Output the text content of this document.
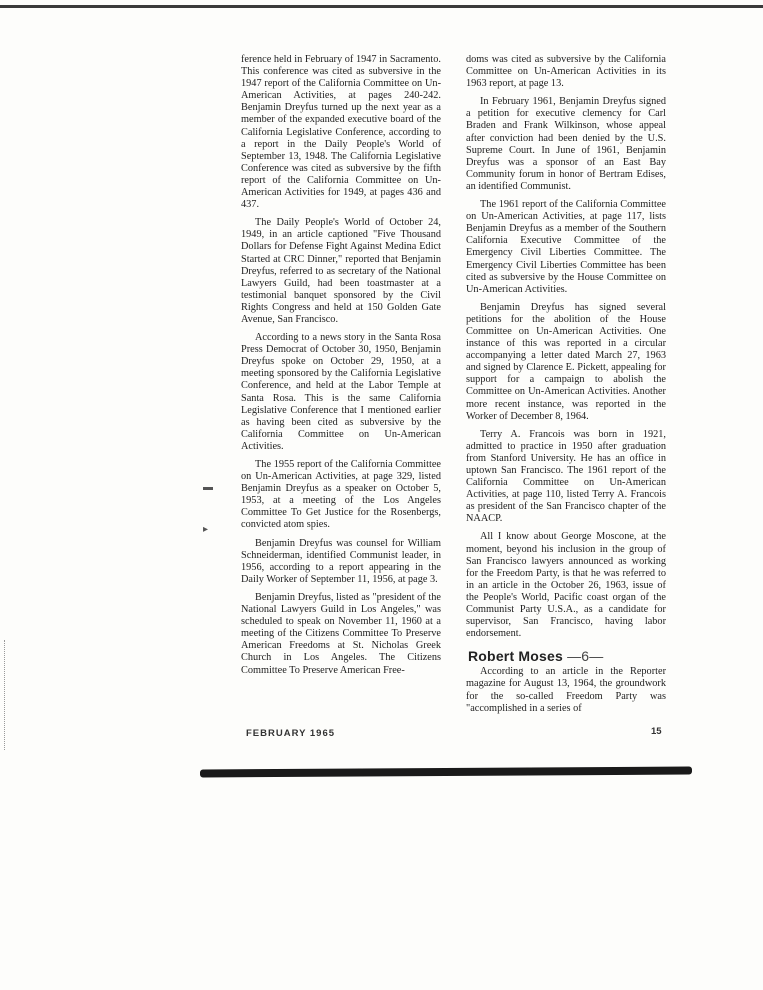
ference held in February of 1947 in Sacramento. This conference was cited as subversive in the 1947 report of the California Committee on Un-American Activities, at pages 240-242. Benjamin Dreyfus turned up the next year as a member of the expanded executive board of the California Legislative Conference, according to a report in the Daily People's World of September 13, 1948. The California Legislative Conference was cited as subversive by the fifth report of the California Committee on Un-American Activities for 1949, at pages 436 and 437.

The Daily People's World of October 24, 1949, in an article captioned "Five Thousand Dollars for Defense Fight Against Medina Edict Started at CRC Dinner," reported that Benjamin Dreyfus, referred to as secretary of the National Lawyers Guild, had been toastmaster at a testimonial banquet sponsored by the Civil Rights Congress and held at 150 Golden Gate Avenue, San Francisco.

According to a news story in the Santa Rosa Press Democrat of October 30, 1950, Benjamin Dreyfus spoke on October 29, 1950, at a meeting sponsored by the California Legislative Conference, and held at the Labor Temple at Santa Rosa. This is the same California Legislative Conference that I mentioned earlier as having been cited as subversive by the California Committee on Un-American Activities.

The 1955 report of the California Committee on Un-American Activities, at page 329, listed Benjamin Dreyfus as a speaker on October 5, 1953, at a meeting of the Los Angeles Committee To Get Justice for the Rosenbergs, convicted atom spies.

Benjamin Dreyfus was counsel for William Schneiderman, identified Communist leader, in 1956, according to a report appearing in the Daily Worker of September 11, 1956, at page 3.

Benjamin Dreyfus, listed as "president of the National Lawyers Guild in Los Angeles," was scheduled to speak on November 11, 1960 at a meeting of the Citizens Committee To Preserve American Freedoms at St. Nicholas Greek Church in Los Angeles. The Citizens Committee To Preserve American Free-

doms was cited as subversive by the California Committee on Un-American Activities in its 1963 report, at page 13.

In February 1961, Benjamin Dreyfus signed a petition for executive clemency for Carl Braden and Frank Wilkinson, whose appeal after conviction had been denied by the U.S. Supreme Court. In June of 1961, Benjamin Dreyfus was a sponsor of an East Bay Community forum in honor of Bertram Edises, an identified Communist.

The 1961 report of the California Committee on Un-American Activities, at page 117, lists Benjamin Dreyfus as a member of the Southern California Executive Committee of the Emergency Civil Liberties Committee. The Emergency Civil Liberties Committee has been cited as subversive by the House Committee on Un-American Activities.

Benjamin Dreyfus has signed several petitions for the abolition of the House Committee on Un-American Activities. One instance of this was reported in a circular accompanying a letter dated March 27, 1963 and signed by Clarence E. Pickett, appealing for support for a campaign to abolish the Committee on Un-American Activities. Another more recent instance, was reported in the Worker of December 8, 1964.

Terry A. Francois was born in 1921, admitted to practice in 1950 after graduation from Stanford University. He has an office in uptown San Francisco. The 1961 report of the California Committee on Un-American Activities, at page 110, listed Terry A. Francois as president of the San Francisco chapter of the NAACP.

All I know about George Moscone, at the moment, beyond his inclusion in the group of San Francisco lawyers announced as working for the Freedom Party, is that he was referred to in an article in the October 26, 1963, issue of the People's World, Pacific coast organ of the Communist Party U.S.A., as a candidate for supervisor, San Francisco, having labor endorsement.

Robert Moses —6—

According to an article in the Reporter magazine for August 13, 1964, the groundwork for the so-called Freedom Party was "accomplished in a series of

FEBRUARY 1965	15
▬
▸
